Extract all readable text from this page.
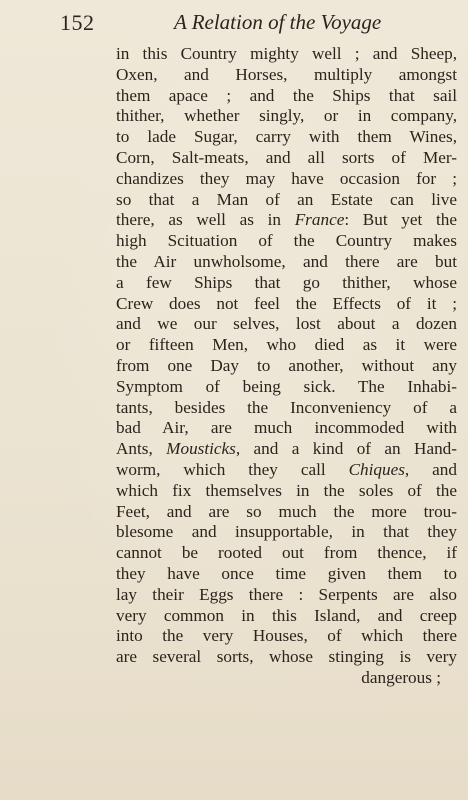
152	A Relation of the Voyage
in this Country mighty well ; and Sheep,
Oxen, and Horses, multiply amongst
them apace ; and the Ships that sail
thither, whether singly, or in company,
to lade Sugar, carry with them Wines,
Corn, Salt-meats, and all sorts of Mer-
chandizes they may have occasion for ;
so that a Man of an Estate can live
there, as well as in France: But yet the
high Scituation of the Country makes
the Air unwholsome, and there are but
a few Ships that go thither, whose
Crew does not feel the Effects of it ;
and we our selves, lost about a dozen
or fifteen Men, who died as it were
from one Day to another, without any
Symptom of being sick. The Inhabi-
tants, besides the Inconveniency of a
bad Air, are much incommoded with
Ants, Mousticks, and a kind of an Hand-
worm, which they call Chiques, and
which fix themselves in the soles of the
Feet, and are so much the more trou-
blesome and insupportable, in that they
cannot be rooted out from thence, if
they have once time given them to
lay their Eggs there : Serpents are also
very common in this Island, and creep
into the very Houses, of which there
are several sorts, whose stinging is very
dangerous ;
